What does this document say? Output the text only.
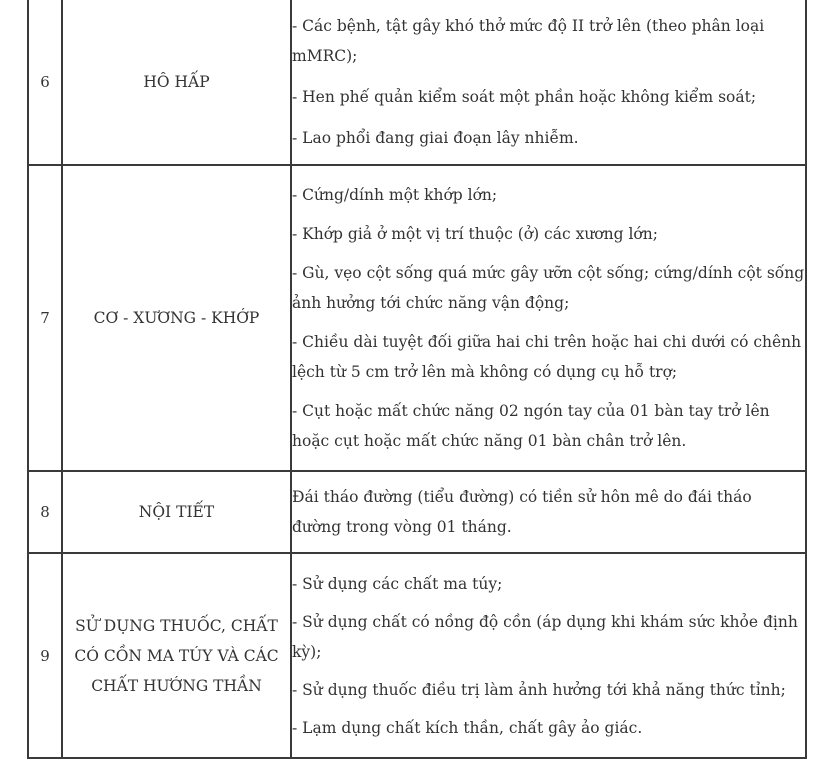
6	HÔ HẤP	- Các bệnh, tật gây khó thở mức độ II trở lên (theo phân loại mMRC);

- Hen phế quản kiểm soát một phần hoặc không kiểm soát;

- Lao phổi đang giai đoạn lây nhiễm.

7	CƠ - XƯƠNG - KHỚP	- Cứng/dính một khớp lớn;

- Khớp giả ở một vị trí thuộc (ở) các xương lớn;

- Gù, vẹo cột sống quá mức gây ưỡn cột sống; cứng/dính cột sống ảnh hưởng tới chức năng vận động;

- Chiều dài tuyệt đối giữa hai chi trên hoặc hai chi dưới có chênh lệch từ 5 cm trở lên mà không có dụng cụ hỗ trợ;

- Cụt hoặc mất chức năng 02 ngón tay của 01 bàn tay trở lên hoặc cụt hoặc mất chức năng 01 bàn chân trở lên.

8	NỘI TIẾT	Đái tháo đường (tiểu đường) có tiền sử hôn mê do đái tháo đường trong vòng 01 tháng.

9	SỬ DỤNG THUỐC, CHẤT CÓ CỒN MA TÚY VÀ CÁC CHẤT HƯỚNG THẦN	- Sử dụng các chất ma túy;

- Sử dụng chất có nồng độ cồn (áp dụng khi khám sức khỏe định kỳ);

- Sử dụng thuốc điều trị làm ảnh hưởng tới khả năng thức tỉnh;

- Lạm dụng chất kích thần, chất gây ảo giác.
